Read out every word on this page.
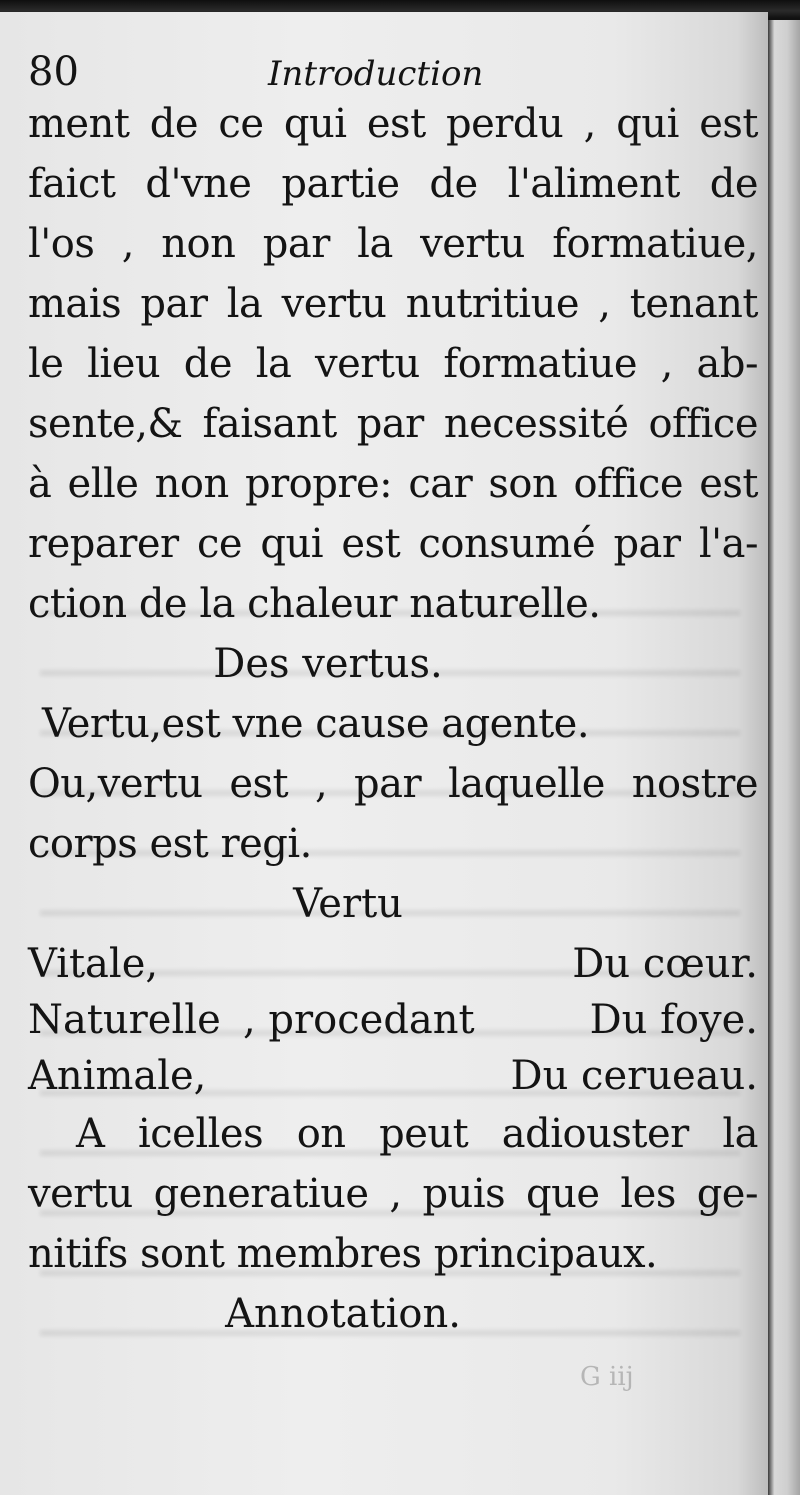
80	Introduction
ment de ce qui est perdu , qui est
faict d'vne partie de l'aliment de
l'os , non par la vertu formatiue,
mais par la vertu nutritiue , tenant
le lieu de la vertu formatiue , ab-
sente,& faisant par necessité office
à elle non propre: car son office est
reparer ce qui est consumé par l'a-
ction de la chaleur naturelle.
Des vertus.
Vertu,est vne cause agente.
Ou,vertu est , par laquelle nostre
corps est regi.
Vertu
Vitale,	Du cœur.
Naturelle , procedant	Du foye.
Animale,	Du cerueau.
A icelles on peut adiouster la
vertu generatiue , puis que les ge-
nitifs sont membres principaux.
Annotation.
G iij
